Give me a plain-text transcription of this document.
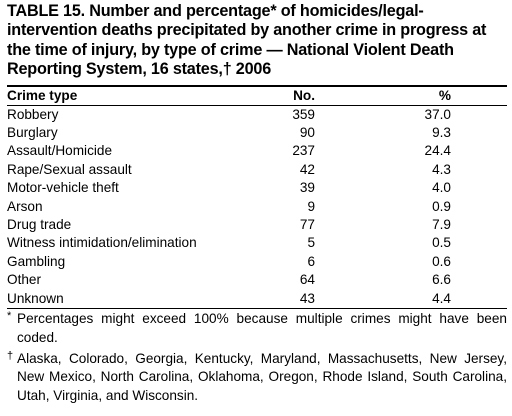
TABLE 15. Number and percentage* of homicides/legal-intervention deaths precipitated by another crime in progress at the time of injury, by type of crime — National Violent Death Reporting System, 16 states,† 2006

Crime type	No.	%	

Robbery	359	37.0	
Burglary	90	9.3	
Assault/Homicide	237	24.4	
Rape/Sexual assault	42	4.3	
Motor-vehicle theft	39	4.0	
Arson	9	0.9	
Drug trade	77	7.9	
Witness intimidation/elimination	5	0.5	
Gambling	6	0.6	
Other	64	6.6	
Unknown	43	4.4	
* Percentages might exceed 100% because multiple crimes might have been coded.
† Alaska, Colorado, Georgia, Kentucky, Maryland, Massachusetts, New Jersey, New Mexico, North Carolina, Oklahoma, Oregon, Rhode Island, South Carolina, Utah, Virginia, and Wisconsin.
